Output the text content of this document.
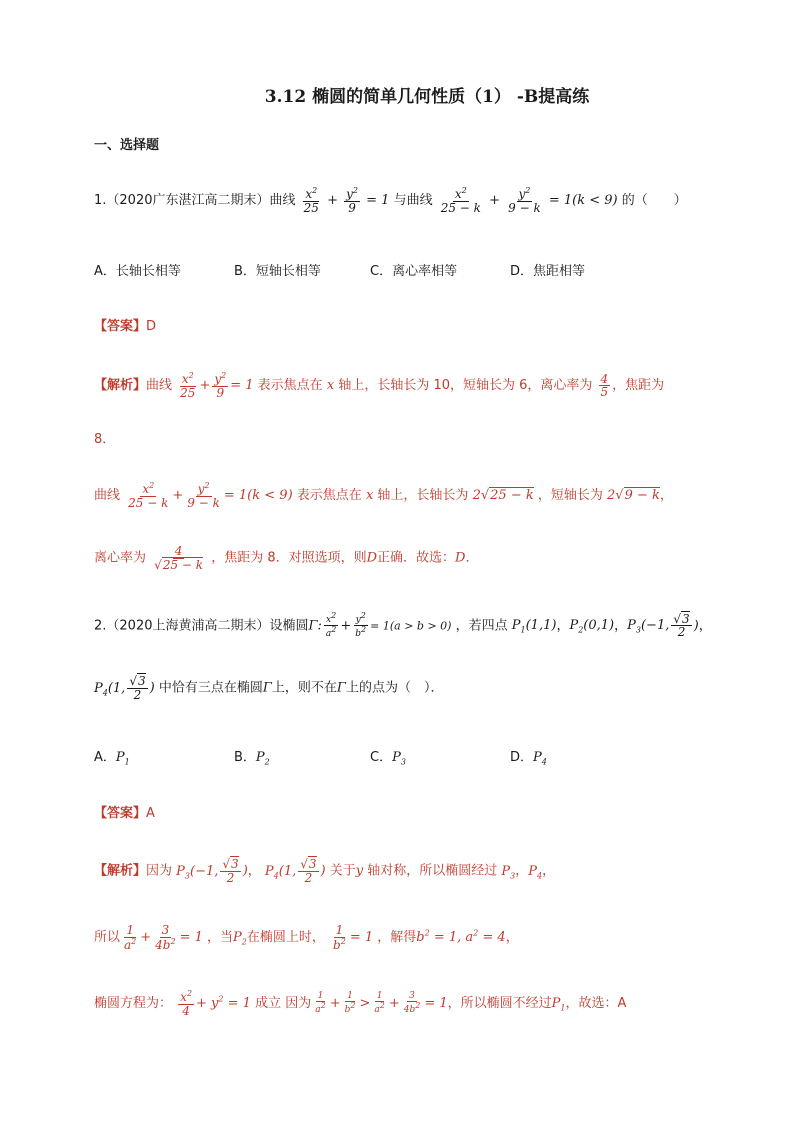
3.12 椭圆的简单几何性质（1） -B提高练
一、选择题
1.（2020广东湛江高二期末）曲线 $\frac{x^2}{25} + \frac{y^2}{9} = 1$ 与曲线 $\frac{x^2}{25 - k} + \frac{y^2}{9 - k} = 1(k < 9)$ 的（　　）
A．长轴长相等	B．短轴长相等	C．离心率相等	D．焦距相等
【答案】D
【解析】曲线 $\frac{x^2}{25} + \frac{y^2}{9} = 1$ 表示焦点在 x 轴上，长轴长为 10，短轴长为 6，离心率为 $\frac{4}{5}$ ，焦距为
8．
曲线 $\frac{x^2}{25 - k} + \frac{y^2}{9 - k} = 1(k < 9)$ 表示焦点在 x 轴上，长轴长为 2√25 − k ，短轴长为 2√9 − k，
离心率为 $\frac{4}{√25 - k}$ ，焦距为 8．对照选项，则D正确．故选：D．
2.（2020上海黄浦高二期末）设椭圆Γ: $\frac{x^2}{a^2} + \frac{y^2}{b^2} = 1(a > b > 0)$ ，若四点 $P_1(1,1)$，$P_2(0,1)$，$P_3(-1$, $\frac{√3}{2}$ )，
$P_4(1$, $\frac{√3}{2}$ ) 中恰有三点在椭圆Γ上，则不在Γ上的点为（　）．
A．$P_1$	B．$P_2$	C．$P_3$	D．$P_4$
【答案】A
【解析】因为 $P_3(-1$, $\frac{√3}{2}$ )， $P_4(1$, $\frac{√3}{2}$ ) 关于y 轴对称，所以椭圆经过 $P_3$，$P_4$，
所以 $\frac{1}{a^2} + \frac{3}{4b^2} = 1$ ，当$P_2$在椭圆上时， $\frac{1}{b^2} = 1$ ，解得$b^2 = 1$, $a^2 = 4$，
椭圆方程为： $\frac{x^2}{4} + y^2 = 1$ 成立 因为 $\frac{1}{a^2} + \frac{1}{b^2} > \frac{1}{a^2} + \frac{3}{4b^2} = 1$，所以椭圆不经过$P_1$，故选：A
